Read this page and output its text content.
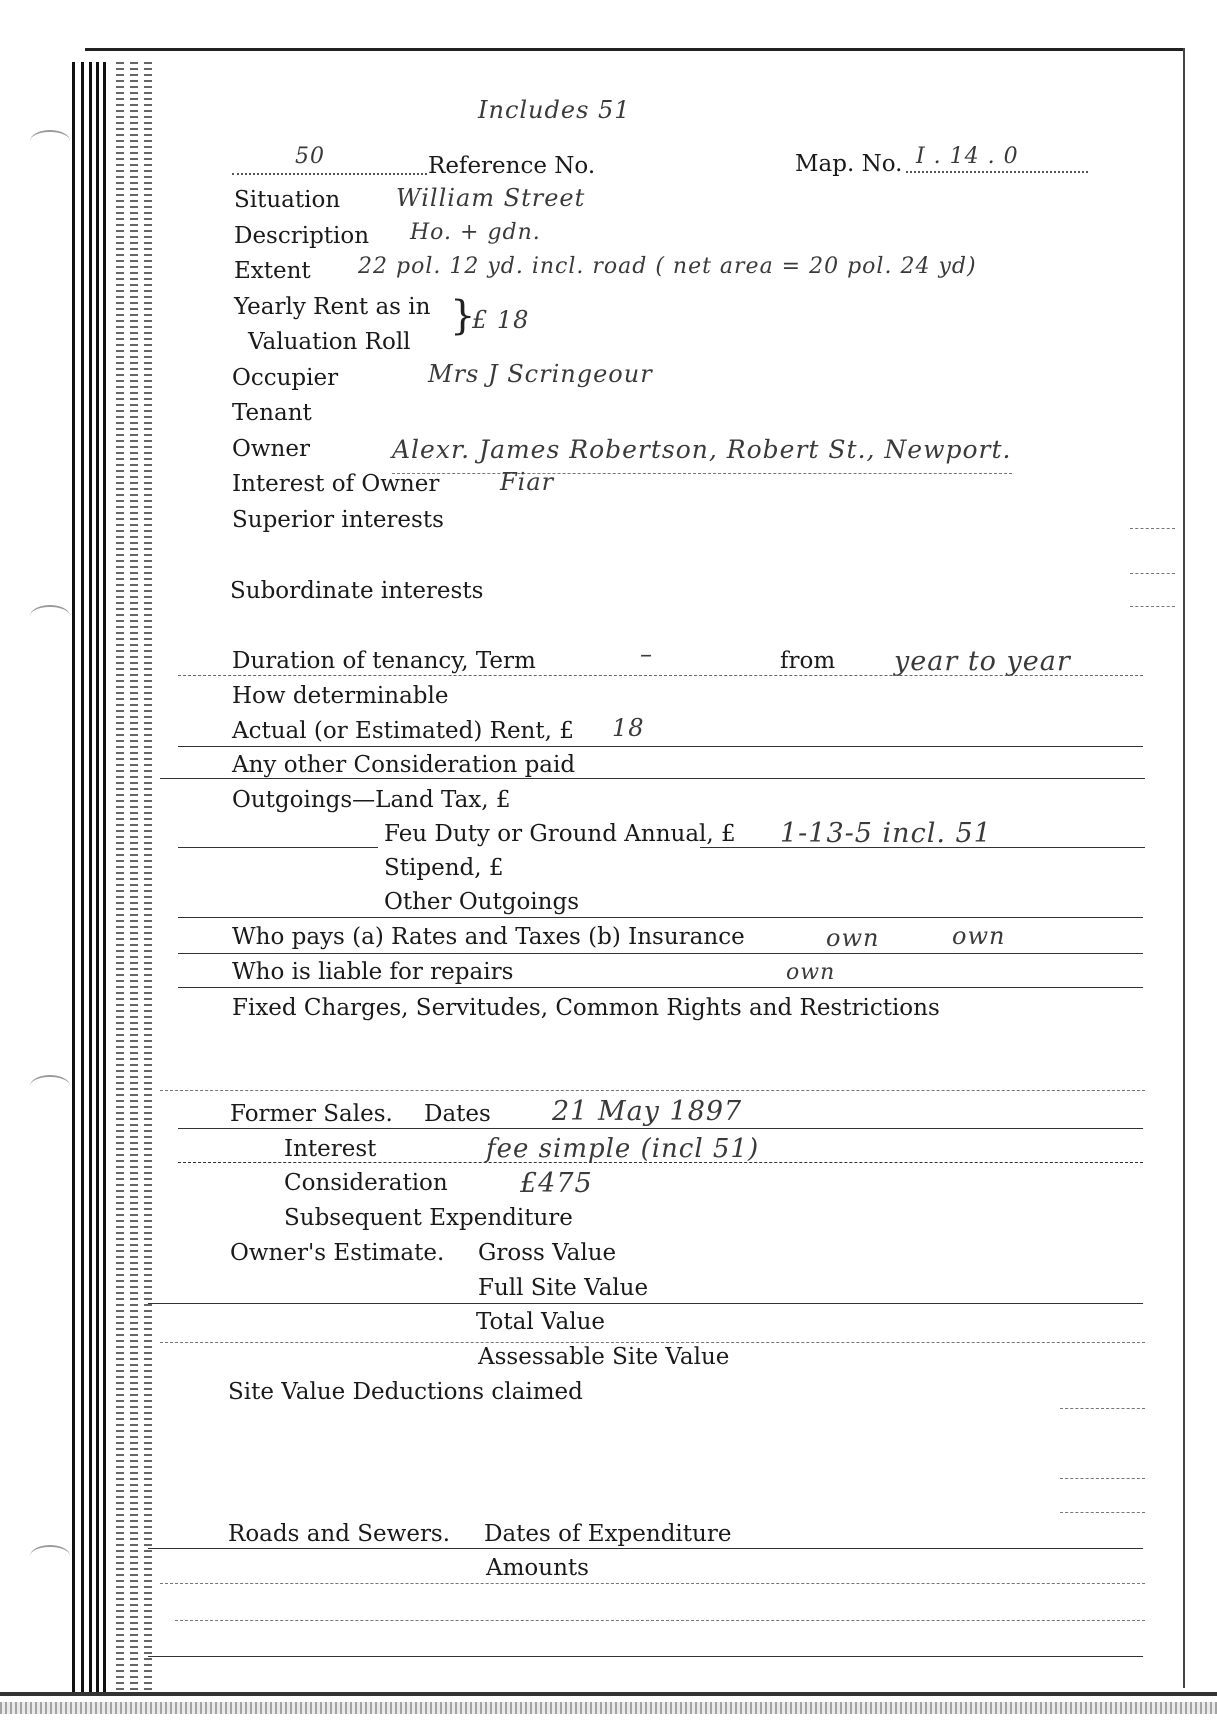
Includes 51
50	Reference No.	Map. No. I . 14 . 0
Situation William Street
Description Ho. + gdn.
Extent 22 pol. 12 yd. incl. road ( net area = 20 pol. 24 yd)
Yearly Rent as in
Valuation Roll
}
£ 18
Occupier	Mrs J Scringeour
Tenant
Owner	Alexr. James Robertson, Robert St., Newport.
Interest of Owner	Fiar
Superior interests
Subordinate interests
Duration of tenancy, Term	–	from year to year
How determinable
Actual (or Estimated) Rent, £ 18
Any other Consideration paid
Outgoings—Land Tax, £
Feu Duty or Ground Annual, £ 1-13-5 incl. 51
Stipend, £
Other Outgoings
Who pays (a) Rates and Taxes (b) Insurance	own	own
Who is liable for repairs	own
Fixed Charges, Servitudes, Common Rights and Restrictions
Former Sales. Dates 21 May 1897
Interest	fee simple (incl 51)
Consideration	£475
Subsequent Expenditure
Owner's Estimate. Gross Value
Full Site Value
Total Value
Assessable Site Value
Site Value Deductions claimed
Roads and Sewers. Dates of Expenditure
Amounts
